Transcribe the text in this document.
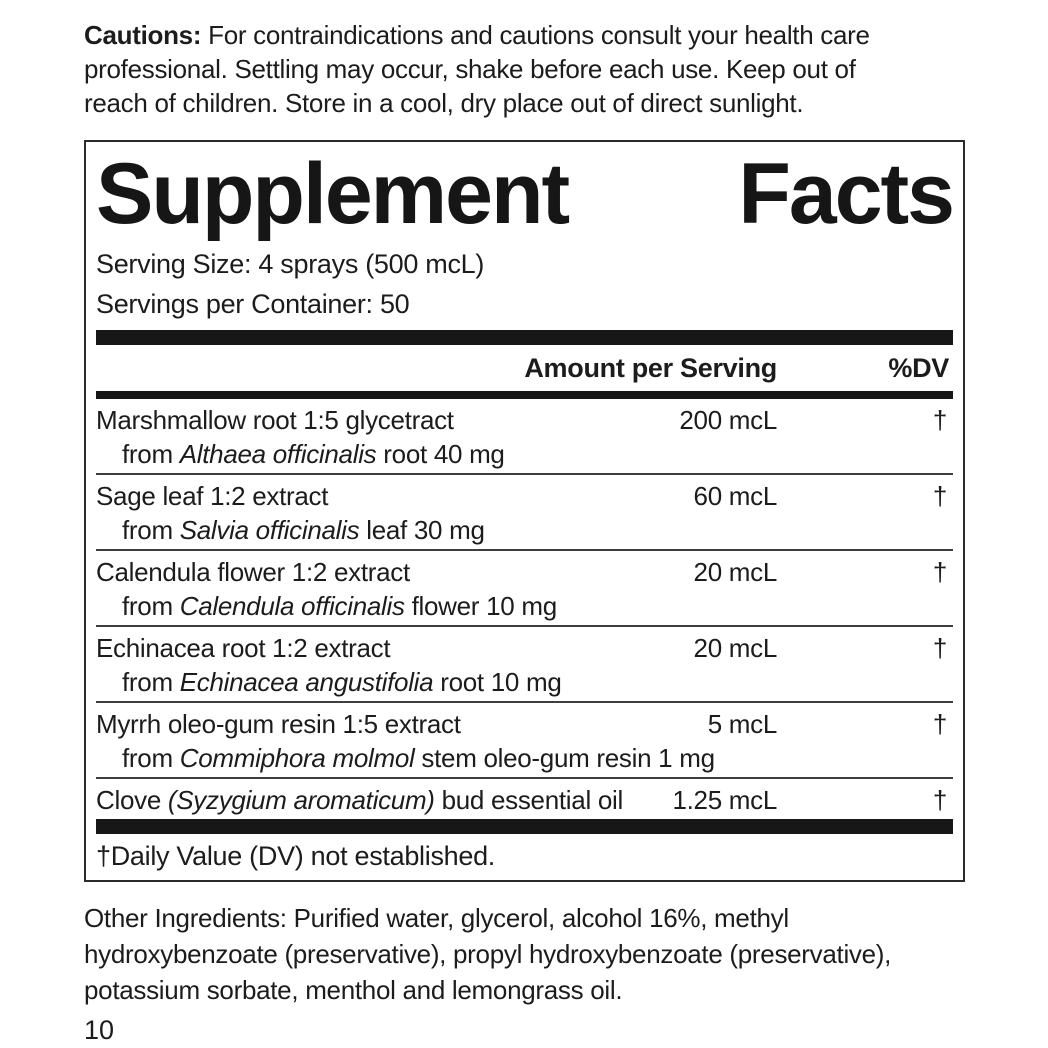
Cautions: For contraindications and cautions consult your health care
professional. Settling may occur, shake before each use. Keep out of
reach of children. Store in a cool, dry place out of direct sunlight.
Supplement Facts
Serving Size: 4 sprays (500 mcL)
Servings per Container: 50
Amount per Serving	%DV
Marshmallow root 1:5 glycetract	200 mcL	†
from Althaea officinalis root 40 mg
Sage leaf 1:2 extract	60 mcL	†
from Salvia officinalis leaf 30 mg
Calendula flower 1:2 extract	20 mcL	†
from Calendula officinalis flower 10 mg
Echinacea root 1:2 extract	20 mcL	†
from Echinacea angustifolia root 10 mg
Myrrh oleo-gum resin 1:5 extract	5 mcL	†
from Commiphora molmol stem oleo-gum resin 1 mg
Clove (Syzygium aromaticum) bud essential oil	1.25 mcL	†
†Daily Value (DV) not established.
Other Ingredients: Purified water, glycerol, alcohol 16%, methyl
hydroxybenzoate (preservative), propyl hydroxybenzoate (preservative),
potassium sorbate, menthol and lemongrass oil.
10
